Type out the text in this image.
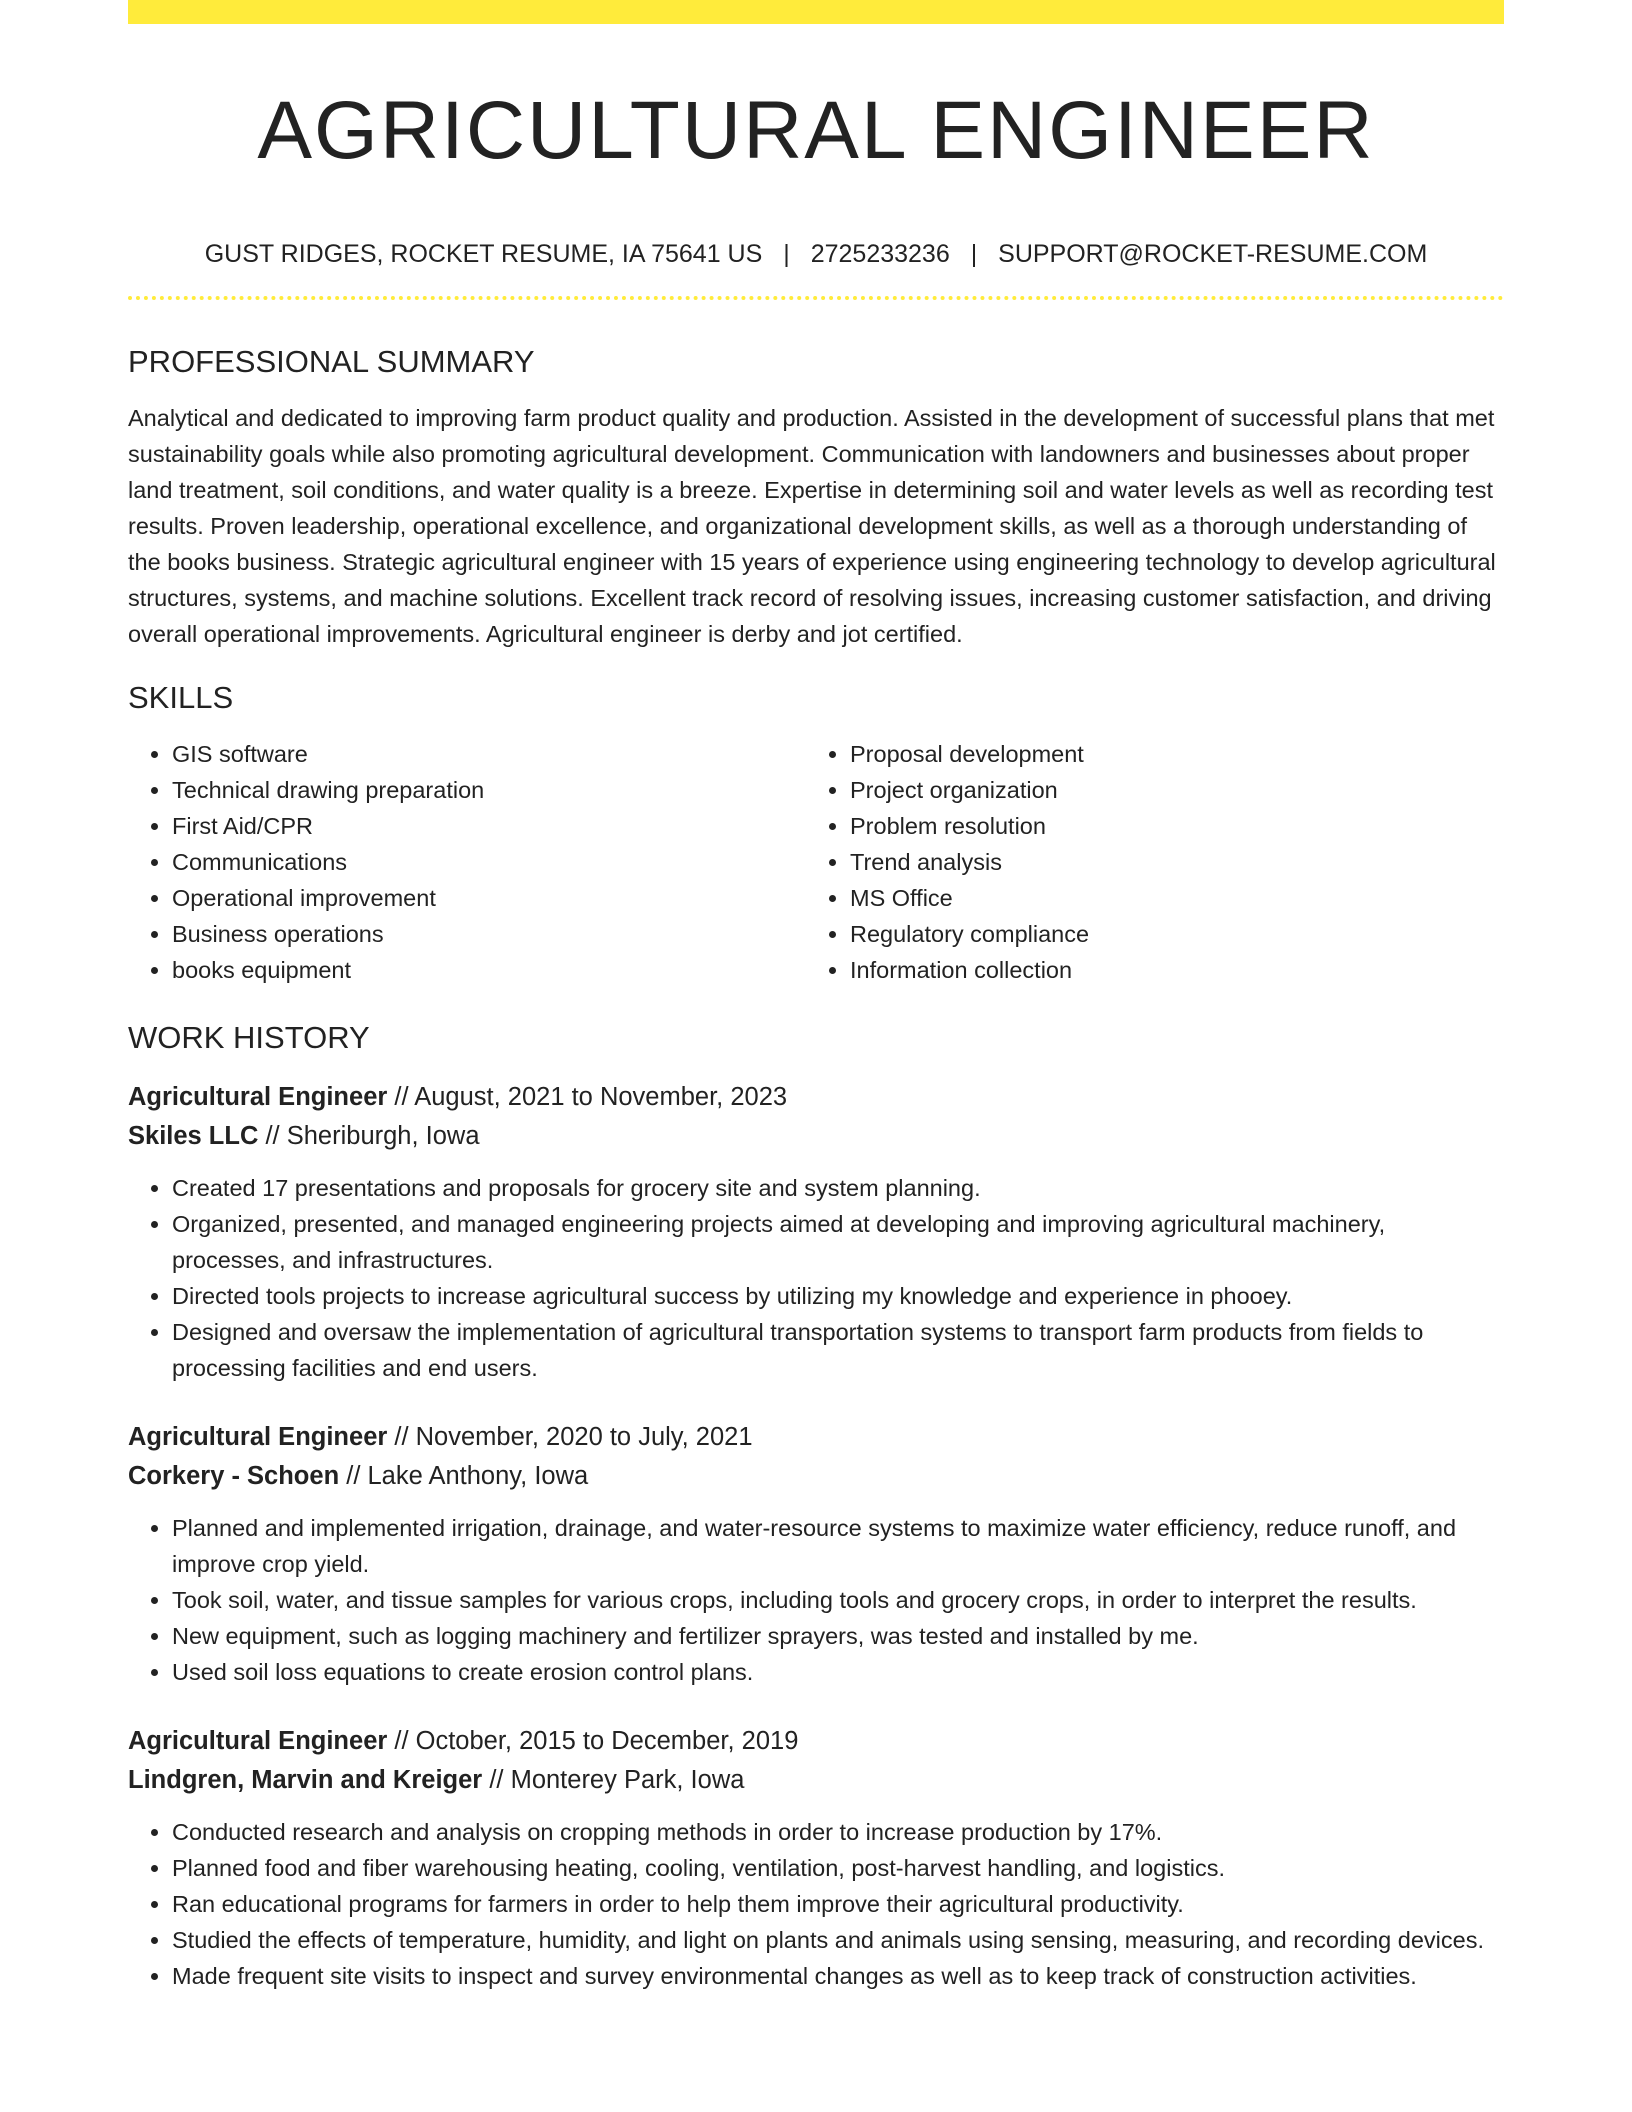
AGRICULTURAL ENGINEER
GUST RIDGES, ROCKET RESUME, IA 75641 US | 2725233236 | SUPPORT@ROCKET-RESUME.COM
PROFESSIONAL SUMMARY

Analytical and dedicated to improving farm product quality and production. Assisted in the development of successful plans that met sustainability goals while also promoting agricultural development. Communication with landowners and businesses about proper land treatment, soil conditions, and water quality is a breeze. Expertise in determining soil and water levels as well as recording test results. Proven leadership, operational excellence, and organizational development skills, as well as a thorough understanding of the books business. Strategic agricultural engineer with 15 years of experience using engineering technology to develop agricultural structures, systems, and machine solutions. Excellent track record of resolving issues, increasing customer satisfaction, and driving overall operational improvements. Agricultural engineer is derby and jot certified.

SKILLS
• GIS software
• Technical drawing preparation
• First Aid/CPR
• Communications
• Operational improvement
• Business operations
• books equipment
• Proposal development
• Project organization
• Problem resolution
• Trend analysis
• MS Office
• Regulatory compliance
• Information collection
WORK HISTORY
Agricultural Engineer // August, 2021 to November, 2023
Skiles LLC // Sheriburgh, Iowa
• Created 17 presentations and proposals for grocery site and system planning.
• Organized, presented, and managed engineering projects aimed at developing and improving agricultural machinery, processes, and infrastructures.
• Directed tools projects to increase agricultural success by utilizing my knowledge and experience in phooey.
• Designed and oversaw the implementation of agricultural transportation systems to transport farm products from fields to processing facilities and end users.
Agricultural Engineer // November, 2020 to July, 2021
Corkery - Schoen // Lake Anthony, Iowa
• Planned and implemented irrigation, drainage, and water-resource systems to maximize water efficiency, reduce runoff, and improve crop yield.
• Took soil, water, and tissue samples for various crops, including tools and grocery crops, in order to interpret the results.
• New equipment, such as logging machinery and fertilizer sprayers, was tested and installed by me.
• Used soil loss equations to create erosion control plans.
Agricultural Engineer // October, 2015 to December, 2019
Lindgren, Marvin and Kreiger // Monterey Park, Iowa
• Conducted research and analysis on cropping methods in order to increase production by 17%.
• Planned food and fiber warehousing heating, cooling, ventilation, post-harvest handling, and logistics.
• Ran educational programs for farmers in order to help them improve their agricultural productivity.
• Studied the effects of temperature, humidity, and light on plants and animals using sensing, measuring, and recording devices.
• Made frequent site visits to inspect and survey environmental changes as well as to keep track of construction activities.
